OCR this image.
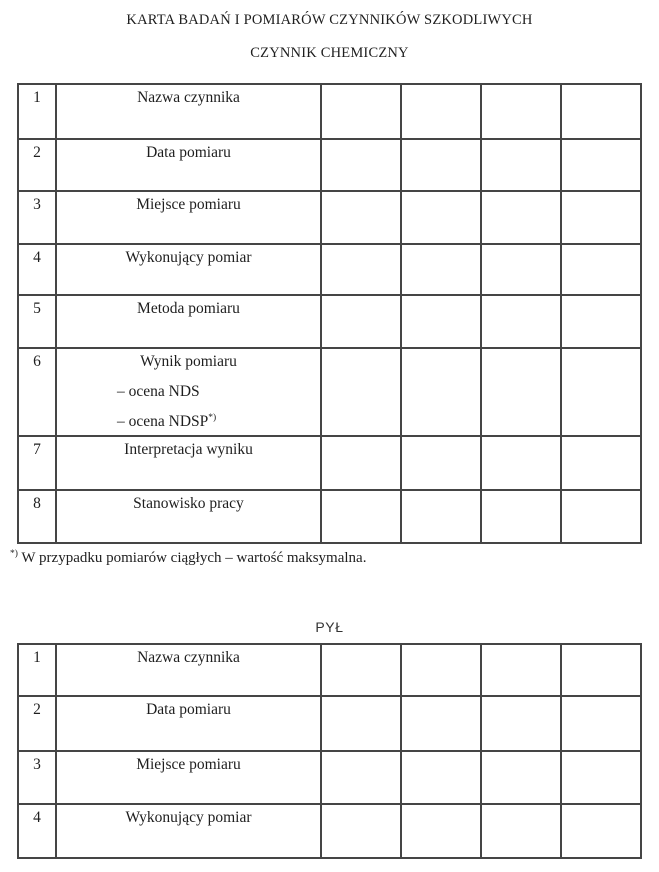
KARTA BADAŃ I POMIARÓW CZYNNIKÓW SZKODLIWYCH
CZYNNIK CHEMICZNY
1	Nazwa czynnika				
2	Data pomiaru				
3	Miejsce pomiaru				
4	Wykonujący pomiar				
5	Metoda pomiaru				
6	Wynik pomiaru
– ocena NDS
– ocena NDSP*)

7	Interpretacja wyniku				
8	Stanowisko pracy				
*) W przypadku pomiarów ciągłych – wartość maksymalna.
PYŁ
1	Nazwa czynnika				
2	Data pomiaru				
3	Miejsce pomiaru				
4	Wykonujący pomiar				
